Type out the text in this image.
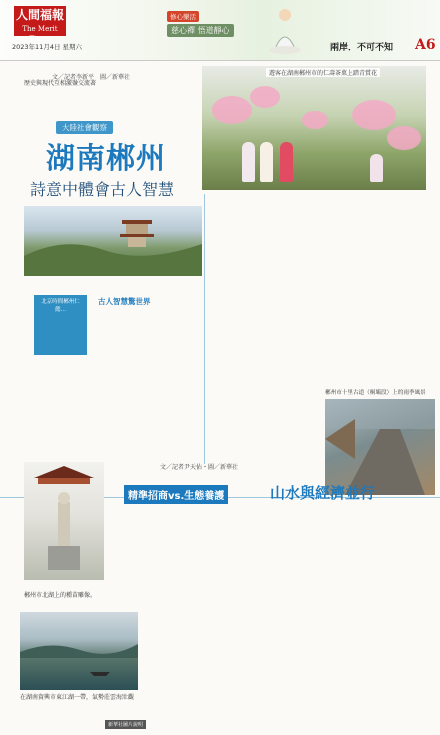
人間福報
The Merit Times
2023年11月4日 星期六
修心樂活
慈心禪 悟道靜心
兩岸．不可不知 A6
文／記者李新平　圖／新華社
歷史與現代互相激盪交流著
遊客在湖南郴州市的仁壽茶菓上踏青賞花
大陸社會觀察
湖南郴州
詩意中體會古人智慧
北京時間郴州仁懿…
古人智慧驚世界
郴州市十里古道（桐壩段）上的雨季風景
文／記者尹天佑・圖／新華社
精準招商vs.生態養護	山水與經濟並行
郴州市北湖上的種苗雕像。
在湖南資興市東江湖一帶，氣勢莊雲海壯觀
新華社圖片說明
